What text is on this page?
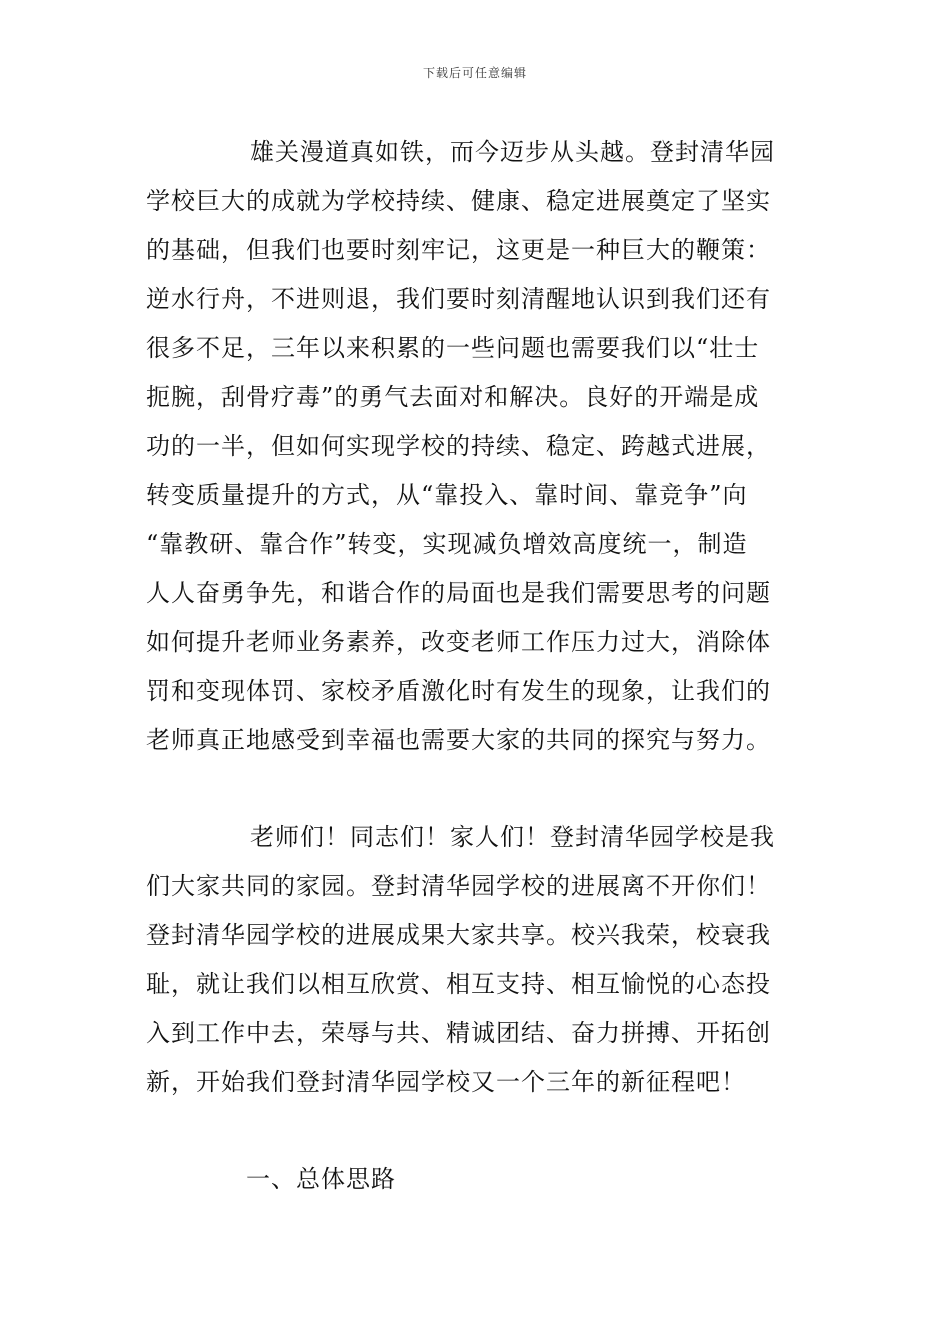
下载后可任意编辑
雄关漫道真如铁，而今迈步从头越。登封清华园
学校巨大的成就为学校持续、健康、稳定进展奠定了坚实
的基础，但我们也要时刻牢记，这更是一种巨大的鞭策：
逆水行舟，不进则退，我们要时刻清醒地认识到我们还有
很多不足，三年以来积累的一些问题也需要我们以“壮士
扼腕，刮骨疗毒”的勇气去面对和解决。良好的开端是成
功的一半，但如何实现学校的持续、稳定、跨越式进展，
转变质量提升的方式，从“靠投入、靠时间、靠竞争”向
“靠教研、靠合作”转变，实现减负增效高度统一，制造
人人奋勇争先，和谐合作的局面也是我们需要思考的问题
如何提升老师业务素养，改变老师工作压力过大，消除体
罚和变现体罚、家校矛盾激化时有发生的现象，让我们的
老师真正地感受到幸福也需要大家的共同的探究与努力。
老师们！同志们！家人们！登封清华园学校是我
们大家共同的家园。登封清华园学校的进展离不开你们！
登封清华园学校的进展成果大家共享。校兴我荣，校衰我
耻，就让我们以相互欣赏、相互支持、相互愉悦的心态投
入到工作中去，荣辱与共、精诚团结、奋力拼搏、开拓创
新，开始我们登封清华园学校又一个三年的新征程吧！
一、总体思路
